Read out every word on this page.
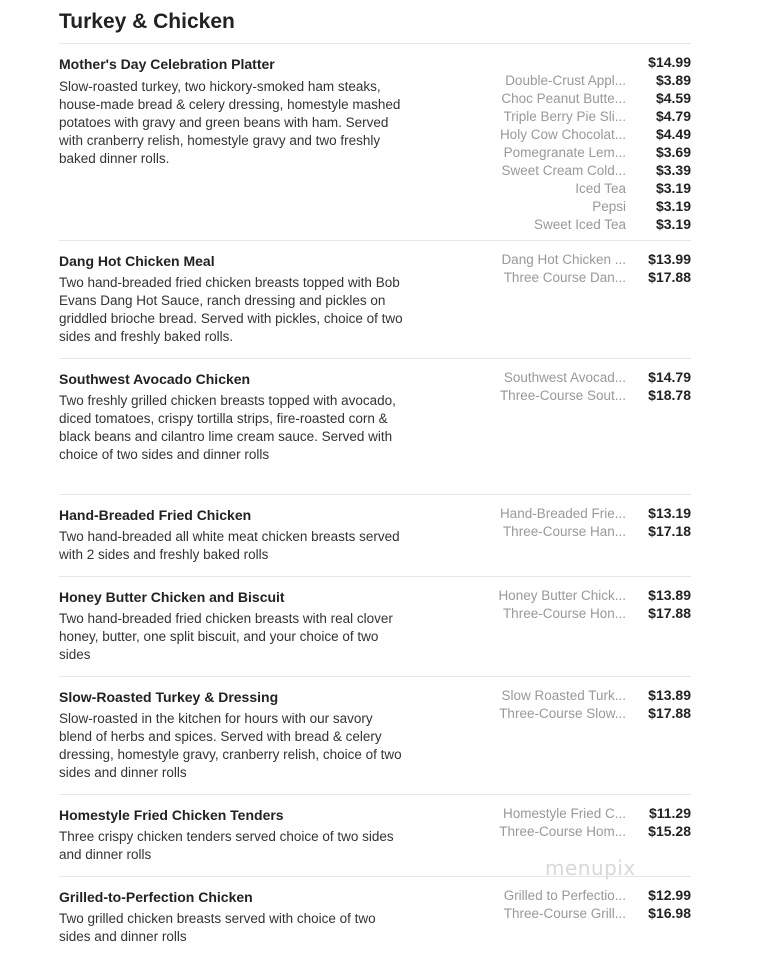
Turkey & Chicken
Mother's Day Celebration Platter
Slow-roasted turkey, two hickory-smoked ham steaks, house-made bread & celery dressing, homestyle mashed potatoes with gravy and green beans with ham. Served with cranberry relish, homestyle gravy and two freshly baked dinner rolls.
$14.99
Double-Crust Appl...	$3.89
Choc Peanut Butte...	$4.59
Triple Berry Pie Sli...	$4.79
Holy Cow Chocolat...	$4.49
Pomegranate Lem...	$3.69
Sweet Cream Cold...	$3.39
Iced Tea	$3.19
Pepsi	$3.19
Sweet Iced Tea	$3.19
Dang Hot Chicken Meal
Two hand-breaded fried chicken breasts topped with Bob Evans Dang Hot Sauce, ranch dressing and pickles on griddled brioche bread. Served with pickles, choice of two sides and freshly baked rolls.
Dang Hot Chicken ... $13.99
Three Course Dan... $17.88
Southwest Avocado Chicken
Two freshly grilled chicken breasts topped with avocado, diced tomatoes, crispy tortilla strips, fire-roasted corn & black beans and cilantro lime cream sauce. Served with choice of two sides and dinner rolls
Southwest Avocad... $14.79
Three-Course Sout... $18.78
Hand-Breaded Fried Chicken
Two hand-breaded all white meat chicken breasts served with 2 sides and freshly baked rolls
Hand-Breaded Frie... $13.19
Three-Course Han... $17.18
Honey Butter Chicken and Biscuit
Two hand-breaded fried chicken breasts with real clover honey, butter, one split biscuit, and your choice of two sides
Honey Butter Chick... $13.89
Three-Course Hon... $17.88
Slow-Roasted Turkey & Dressing
Slow-roasted in the kitchen for hours with our savory blend of herbs and spices. Served with bread & celery dressing, homestyle gravy, cranberry relish, choice of two sides and dinner rolls
Slow Roasted Turk... $13.89
Three-Course Slow... $17.88
Homestyle Fried Chicken Tenders
Three crispy chicken tenders served choice of two sides and dinner rolls
Homestyle Fried C...	$11.29
Three-Course Hom... $15.28
Grilled-to-Perfection Chicken
Two grilled chicken breasts served with choice of two sides and dinner rolls
Grilled to Perfectio... $12.99
Three-Course Grill... $16.98
menupix
